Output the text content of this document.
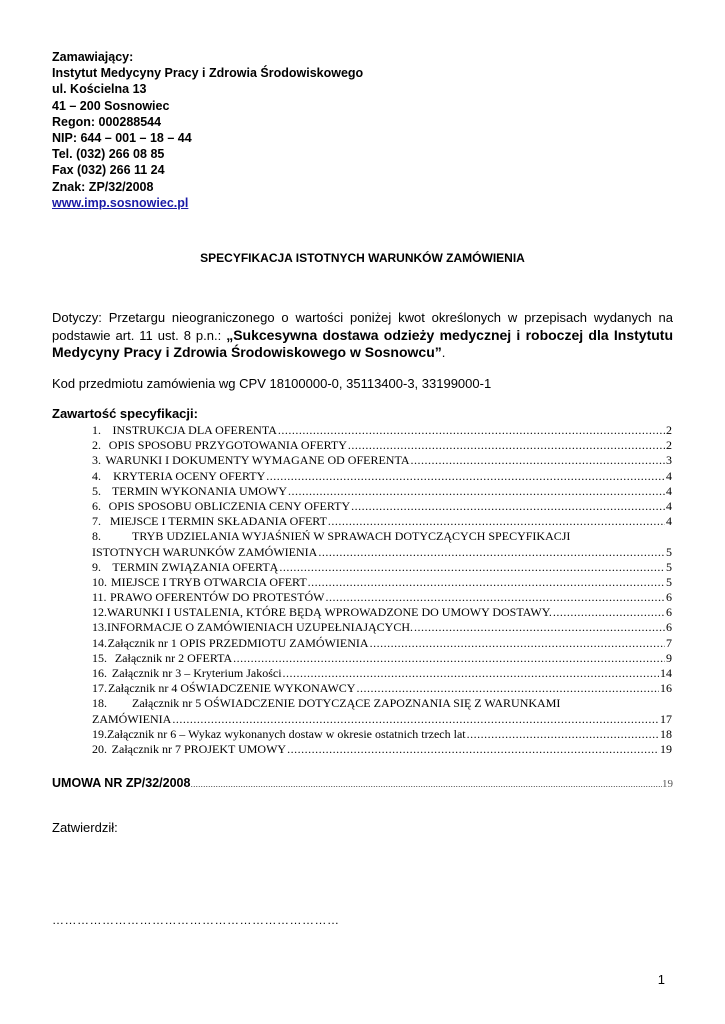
Zamawiający:
Instytut Medycyny Pracy i Zdrowia Środowiskowego
ul. Kościelna 13
41 – 200 Sosnowiec
Regon: 000288544
NIP: 644 – 001 – 18 – 44
Tel. (032) 266 08 85
Fax (032) 266 11 24
Znak: ZP/32/2008
www.imp.sosnowiec.pl
SPECYFIKACJA ISTOTNYCH WARUNKÓW ZAMÓWIENIA
Dotyczy: Przetargu nieograniczonego o wartości poniżej kwot określonych w przepisach wydanych na podstawie art. 11 ust. 8 p.n.: „Sukcesywna dostawa odzieży medycznej i roboczej dla Instytutu Medycyny Pracy i Zdrowia Środowiskowego w Sosnowcu”.
Kod przedmiotu zamówienia wg CPV 18100000-0, 35113400-3, 33199000-1
Zawartość specyfikacji:
1. INSTRUKCJA DLA OFERENTA .....	2
2. OPIS SPOSOBU PRZYGOTOWANIA OFERTY .....	2
3. WARUNKI I DOKUMENTY WYMAGANE OD OFERENTA .....	3
4.	KRYTERIA OCENY OFERTY .....	4
5. TERMIN WYKONANIA UMOWY .....	4
6. OPIS SPOSOBU OBLICZENIA CENY OFERTY .....	4
7. MIEJSCE I TERMIN SKŁADANIA OFERT .....	4
8.	TRYB UDZIELANIA WYJAŚNIEŃ W SPRAWACH DOTYCZĄCYCH SPECYFIKACJI
ISTOTNYCH WARUNKÓW ZAMÓWIENIA .....	5
9. TERMIN ZWIĄZANIA OFERTĄ .....	5
10. MIEJSCE I TRYB OTWARCIA OFERT .....	5
11. PRAWO OFERENTÓW DO PROTESTÓW .....	6
12. WARUNKI I USTALENIA, KTÓRE BĘDĄ WPROWADZONE DO UMOWY DOSTAWY. .....	6
13. INFORMACJE O ZAMÓWIENIACH UZUPEŁNIAJĄCYCH. .....	6
14. Załącznik nr 1 OPIS PRZEDMIOTU ZAMÓWIENIA .....	7
15. Załącznik nr 2 OFERTA .....	9
16. Załącznik nr 3 – Kryterium Jakości .....	14
17. Załącznik nr 4 OŚWIADCZENIE WYKONAWCY .....	16
18.	Załącznik nr 5 OŚWIADCZENIE DOTYCZĄCE ZAPOZNANIA SIĘ Z WARUNKAMI
ZAMÓWIENIA .....	17
19. Załącznik nr 6 – Wykaz wykonanych dostaw w okresie ostatnich trzech lat .....	18
20. Załącznik nr 7 PROJEKT UMOWY .....	19
UMOWA NR ZP/32/2008 .....	19
Zatwierdził:
……………………………………………………………
1
